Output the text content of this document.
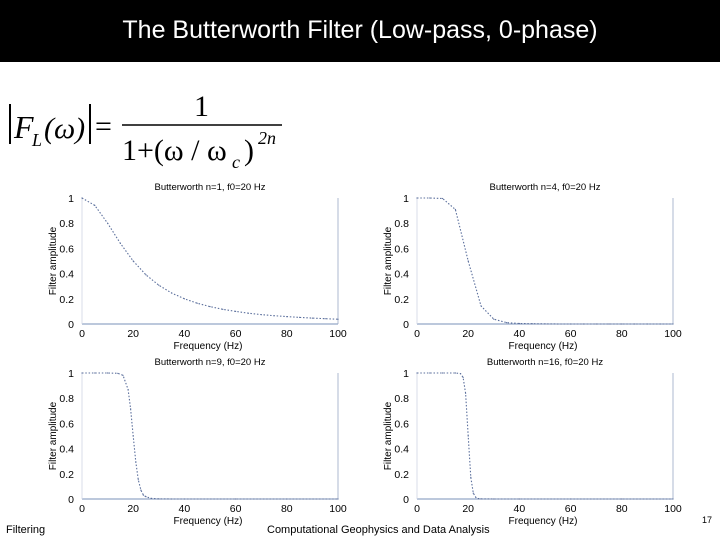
The Butterworth Filter (Low-pass, 0-phase)
F
L (ω) =
1
1+(ω / ω c ) 2n
Butterworth n=1, f0=20 Hz
0	20	40	60	80	100
0
0.2
0.4
0.6
0.8
1
Frequency (Hz)
Filter amplitude
Butterworth n=4, f0=20 Hz
0	20	40	60	80	100
0
0.2
0.4
0.6
0.8
1
Frequency (Hz)
Filter amplitude
Butterworth n=9, f0=20 Hz
0	20	40	60	80	100
0
0.2
0.4
0.6
0.8
1
Frequency (Hz)
Filter amplitude
Butterworth n=16, f0=20 Hz
0	20	40	60	80	100
0
0.2
0.4
0.6
0.8
1
Frequency (Hz)
Filter amplitude
Filtering	Computational Geophysics and Data Analysis
17
